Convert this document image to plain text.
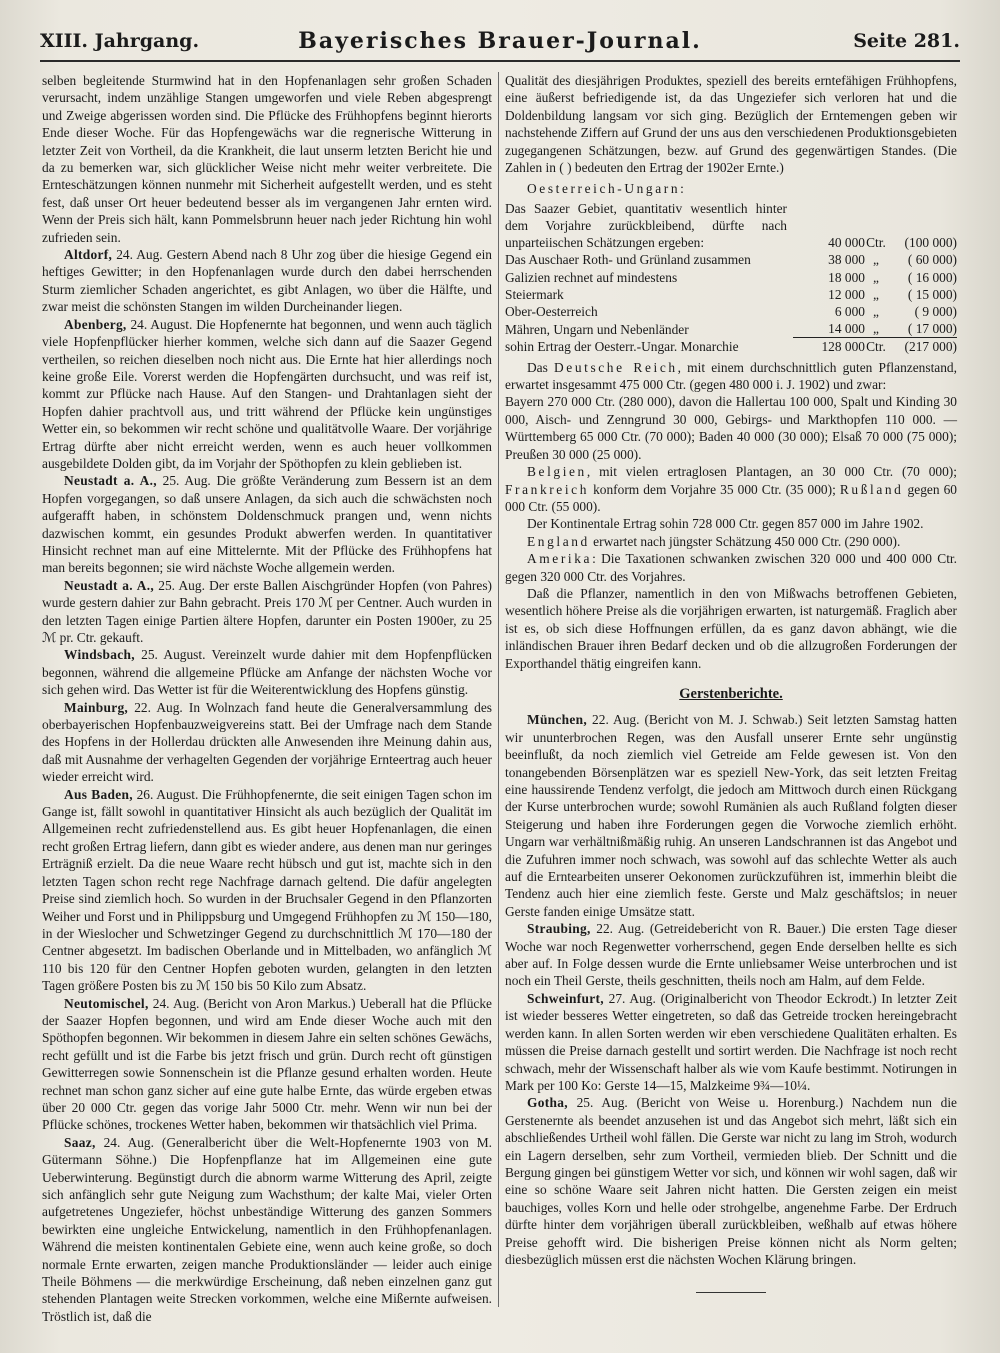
XIII. Jahrgang.	Bayerisches Brauer-Journal.	Seite 281.

selben begleitende Sturmwind hat in den Hopfenanlagen sehr großen Schaden verursacht, indem unzählige Stangen umgeworfen und viele Reben abgesprengt und Zweige abgerissen worden sind. Die Pflücke des Frühhopfens beginnt hierorts Ende dieser Woche. Für das Hopfengewächs war die regnerische Witterung in letzter Zeit von Vortheil, da die Krankheit, die laut unserm letzten Bericht hie und da zu bemerken war, sich glücklicher Weise nicht mehr weiter verbreitete. Die Ernteschätzungen können nunmehr mit Sicherheit aufgestellt werden, und es steht fest, daß unser Ort heuer bedeutend besser als im vergangenen Jahr ernten wird. Wenn der Preis sich hält, kann Pommelsbrunn heuer nach jeder Richtung hin wohl zufrieden sein.

Altdorf, 24. Aug. Gestern Abend nach 8 Uhr zog über die hiesige Gegend ein heftiges Gewitter; in den Hopfenanlagen wurde durch den dabei herrschenden Sturm ziemlicher Schaden angerichtet, es gibt Anlagen, wo über die Hälfte, und zwar meist die schönsten Stangen im wilden Durcheinander liegen.

Abenberg, 24. August. Die Hopfenernte hat begonnen, und wenn auch täglich viele Hopfenpflücker hierher kommen, welche sich dann auf die Saazer Gegend vertheilen, so reichen dieselben noch nicht aus. Die Ernte hat hier allerdings noch keine große Eile. Vorerst werden die Hopfengärten durchsucht, und was reif ist, kommt zur Pflücke nach Hause. Auf den Stangen- und Drahtanlagen sieht der Hopfen dahier prachtvoll aus, und tritt während der Pflücke kein ungünstiges Wetter ein, so bekommen wir recht schöne und qualitätvolle Waare. Der vorjährige Ertrag dürfte aber nicht erreicht werden, wenn es auch heuer vollkommen ausgebildete Dolden gibt, da im Vorjahr der Spöthopfen zu klein geblieben ist.

Neustadt a. A., 25. Aug. Die größte Veränderung zum Bessern ist an dem Hopfen vorgegangen, so daß unsere Anlagen, da sich auch die schwächsten noch aufgerafft haben, in schönstem Doldenschmuck prangen und, wenn nichts dazwischen kommt, ein gesundes Produkt abwerfen werden. In quantitativer Hinsicht rechnet man auf eine Mittelernte. Mit der Pflücke des Frühhopfens hat man bereits begonnen; sie wird nächste Woche allgemein werden.

Neustadt a. A., 25. Aug. Der erste Ballen Aischgründer Hopfen (von Pahres) wurde gestern dahier zur Bahn gebracht. Preis 170 ℳ per Centner. Auch wurden in den letzten Tagen einige Partien ältere Hopfen, darunter ein Posten 1900er, zu 25 ℳ pr. Ctr. gekauft.

Windsbach, 25. August. Vereinzelt wurde dahier mit dem Hopfenpflücken begonnen, während die allgemeine Pflücke am Anfange der nächsten Woche vor sich gehen wird. Das Wetter ist für die Weiterentwicklung des Hopfens günstig.

Mainburg, 22. Aug. In Wolnzach fand heute die Generalversammlung des oberbayerischen Hopfenbauzweigvereins statt. Bei der Umfrage nach dem Stande des Hopfens in der Hollerdau drückten alle Anwesenden ihre Meinung dahin aus, daß mit Ausnahme der verhagelten Gegenden der vorjährige Ernteertrag auch heuer wieder erreicht wird.

Aus Baden, 26. August. Die Frühhopfenernte, die seit einigen Tagen schon im Gange ist, fällt sowohl in quantitativer Hinsicht als auch bezüglich der Qualität im Allgemeinen recht zufriedenstellend aus. Es gibt heuer Hopfenanlagen, die einen recht großen Ertrag liefern, dann gibt es wieder andere, aus denen man nur geringes Erträgniß erzielt. Da die neue Waare recht hübsch und gut ist, machte sich in den letzten Tagen schon recht rege Nachfrage darnach geltend. Die dafür angelegten Preise sind ziemlich hoch. So wurden in der Bruchsaler Gegend in den Pflanzorten Weiher und Forst und in Philippsburg und Umgegend Frühhopfen zu ℳ 150—180, in der Wieslocher und Schwetzinger Gegend zu durchschnittlich ℳ 170—180 der Centner abgesetzt. Im badischen Oberlande und in Mittelbaden, wo anfänglich ℳ 110 bis 120 für den Centner Hopfen geboten wurden, gelangten in den letzten Tagen größere Posten bis zu ℳ 150 bis 50 Kilo zum Absatz.

Neutomischel, 24. Aug. (Bericht von Aron Markus.) Ueberall hat die Pflücke der Saazer Hopfen begonnen, und wird am Ende dieser Woche auch mit den Spöthopfen begonnen. Wir bekommen in diesem Jahre ein selten schönes Gewächs, recht gefüllt und ist die Farbe bis jetzt frisch und grün. Durch recht oft günstigen Gewitterregen sowie Sonnenschein ist die Pflanze gesund erhalten worden. Heute rechnet man schon ganz sicher auf eine gute halbe Ernte, das würde ergeben etwas über 20 000 Ctr. gegen das vorige Jahr 5000 Ctr. mehr. Wenn wir nun bei der Pflücke schönes, trockenes Wetter haben, bekommen wir thatsächlich viel Prima.

Saaz, 24. Aug. (Generalbericht über die Welt-Hopfenernte 1903 von M. Gütermann Söhne.) Die Hopfenpflanze hat im Allgemeinen eine gute Ueberwinterung. Begünstigt durch die abnorm warme Witterung des April, zeigte sich anfänglich sehr gute Neigung zum Wachsthum; der kalte Mai, vieler Orten aufgetretenes Ungeziefer, höchst unbeständige Witterung des ganzen Sommers bewirkten eine ungleiche Entwickelung, namentlich in den Frühhopfenanlagen. Während die meisten kontinentalen Gebiete eine, wenn auch keine große, so doch normale Ernte erwarten, zeigen manche Produktionsländer — leider auch einige Theile Böhmens — die merkwürdige Erscheinung, daß neben einzelnen ganz gut stehenden Plantagen weite Strecken vorkommen, welche eine Mißernte aufweisen. Tröstlich ist, daß die

Qualität des diesjährigen Produktes, speziell des bereits erntefähigen Frühhopfens, eine äußerst befriedigende ist, da das Ungeziefer sich verloren hat und die Doldenbildung langsam vor sich ging. Bezüglich der Erntemengen geben wir nachstehende Ziffern auf Grund der uns aus den verschiedenen Produktionsgebieten zugegangenen Schätzungen, bezw. auf Grund des gegenwärtigen Standes. (Die Zahlen in ( ) bedeuten den Ertrag der 1902er Ernte.)

Oesterreich-Ungarn:
Das Saazer Gebiet, quantitativ wesentlich hinter dem Vorjahre zurückbleibend, dürfte nach unparteiischen Schätzungen ergeben:	40 000	Ctr.	(100 000)
Das Auschaer Roth- und Grünland zusammen	38 000	„	( 60 000)
Galizien rechnet auf mindestens	18 000	„	( 16 000)
Steiermark	12 000	„	( 15 000)
Ober-Oesterreich	6 000	„	( 9 000)
Mähren, Ungarn und Nebenländer	14 000	„	( 17 000)
sohin Ertrag der Oesterr.-Ungar. Monarchie	128 000	Ctr.	(217 000)

Das Deutsche Reich, mit einem durchschnittlich guten Pflanzenstand, erwartet insgesammt 475 000 Ctr. (gegen 480 000 i. J. 1902) und zwar:

Bayern 270 000 Ctr. (280 000), davon die Hallertau 100 000, Spalt und Kinding 30 000, Aisch- und Zenngrund 30 000, Gebirgs- und Markthopfen 110 000. — Württemberg 65 000 Ctr. (70 000); Baden 40 000 (30 000); Elsaß 70 000 (75 000); Preußen 30 000 (25 000).

Belgien, mit vielen ertraglosen Plantagen, an 30 000 Ctr. (70 000); Frankreich konform dem Vorjahre 35 000 Ctr. (35 000); Rußland gegen 60 000 Ctr. (55 000).

Der Kontinentale Ertrag sohin 728 000 Ctr. gegen 857 000 im Jahre 1902.

England erwartet nach jüngster Schätzung 450 000 Ctr. (290 000).

Amerika: Die Taxationen schwanken zwischen 320 000 und 400 000 Ctr. gegen 320 000 Ctr. des Vorjahres.

Daß die Pflanzer, namentlich in den von Mißwachs betroffenen Gebieten, wesentlich höhere Preise als die vorjährigen erwarten, ist naturgemäß. Fraglich aber ist es, ob sich diese Hoffnungen erfüllen, da es ganz davon abhängt, wie die inländischen Brauer ihren Bedarf decken und ob die allzugroßen Forderungen der Exporthandel thätig eingreifen kann.

Gerstenberichte.

München, 22. Aug. (Bericht von M. J. Schwab.) Seit letzten Samstag hatten wir ununterbrochen Regen, was den Ausfall unserer Ernte sehr ungünstig beeinflußt, da noch ziemlich viel Getreide am Felde gewesen ist. Von den tonangebenden Börsenplätzen war es speziell New-York, das seit letzten Freitag eine haussirende Tendenz verfolgt, die jedoch am Mittwoch durch einen Rückgang der Kurse unterbrochen wurde; sowohl Rumänien als auch Rußland folgten dieser Steigerung und haben ihre Forderungen gegen die Vorwoche ziemlich erhöht. Ungarn war verhältnißmäßig ruhig. An unseren Landschrannen ist das Angebot und die Zufuhren immer noch schwach, was sowohl auf das schlechte Wetter als auch auf die Erntearbeiten unserer Oekonomen zurückzuführen ist, immerhin bleibt die Tendenz auch hier eine ziemlich feste. Gerste und Malz geschäftslos; in neuer Gerste fanden einige Umsätze statt.

Straubing, 22. Aug. (Getreidebericht von R. Bauer.) Die ersten Tage dieser Woche war noch Regenwetter vorherrschend, gegen Ende derselben hellte es sich aber auf. In Folge dessen wurde die Ernte unliebsamer Weise unterbrochen und ist noch ein Theil Gerste, theils geschnitten, theils noch am Halm, auf dem Felde.

Schweinfurt, 27. Aug. (Originalbericht von Theodor Eckrodt.) In letzter Zeit ist wieder besseres Wetter eingetreten, so daß das Getreide trocken hereingebracht werden kann. In allen Sorten werden wir eben verschiedene Qualitäten erhalten. Es müssen die Preise darnach gestellt und sortirt werden. Die Nachfrage ist noch recht schwach, mehr der Wissenschaft halber als wie vom Kaufe bestimmt. Notirungen in Mark per 100 Ko: Gerste 14—15, Malzkeime 9¾—10¼.

Gotha, 25. Aug. (Bericht von Weise u. Horenburg.) Nachdem nun die Gerstenernte als beendet anzusehen ist und das Angebot sich mehrt, läßt sich ein abschließendes Urtheil wohl fällen. Die Gerste war nicht zu lang im Stroh, wodurch ein Lagern derselben, sehr zum Vortheil, vermieden blieb. Der Schnitt und die Bergung gingen bei günstigem Wetter vor sich, und können wir wohl sagen, daß wir eine so schöne Waare seit Jahren nicht hatten. Die Gersten zeigen ein meist bauchiges, volles Korn und helle oder strohgelbe, angenehme Farbe. Der Erdruch dürfte hinter dem vorjährigen überall zurückbleiben, weßhalb auf etwas höhere Preise gehofft wird. Die bisherigen Preise können nicht als Norm gelten; diesbezüglich müssen erst die nächsten Wochen Klärung bringen.
